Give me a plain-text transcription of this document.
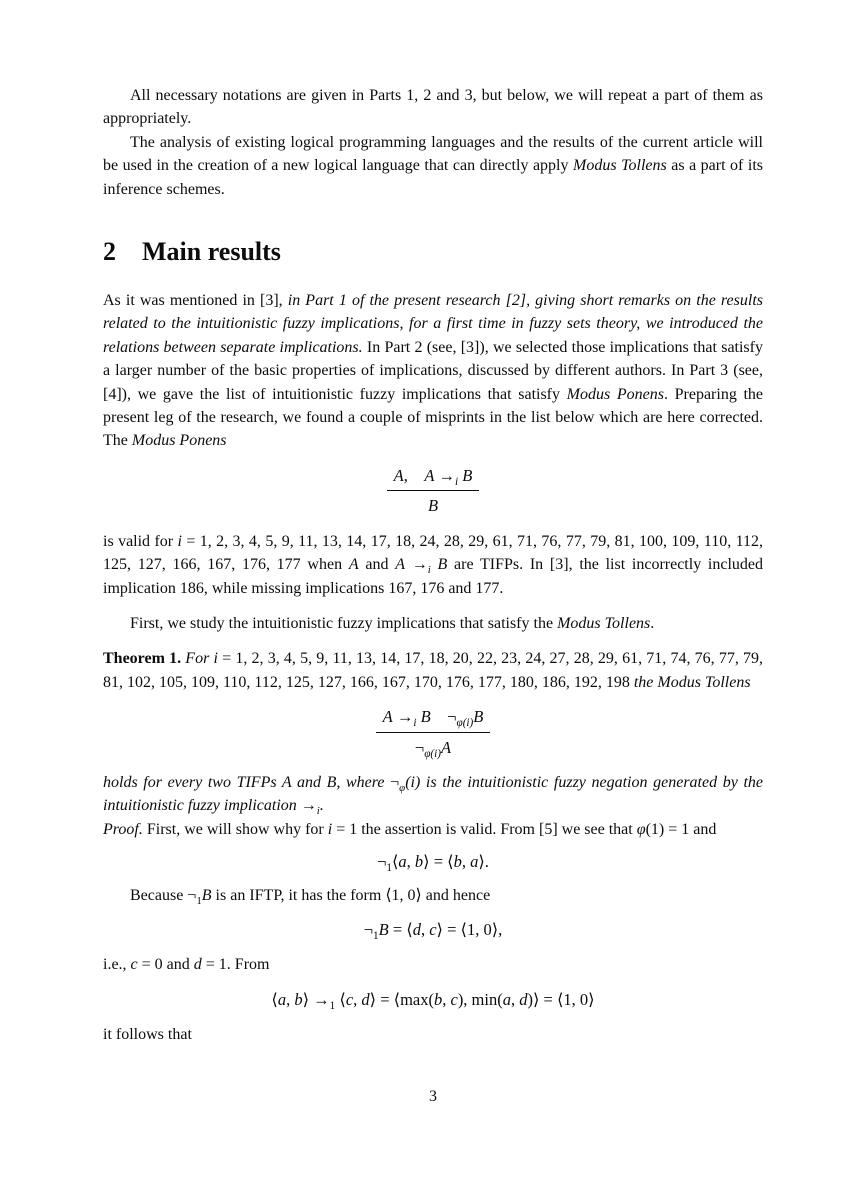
All necessary notations are given in Parts 1, 2 and 3, but below, we will repeat a part of them as appropriately.

The analysis of existing logical programming languages and the results of the current article will be used in the creation of a new logical language that can directly apply Modus Tollens as a part of its inference schemes.

2 Main results

As it was mentioned in [3], in Part 1 of the present research [2], giving short remarks on the results related to the intuitionistic fuzzy implications, for a first time in fuzzy sets theory, we introduced the relations between separate implications. In Part 2 (see, [3]), we selected those implications that satisfy a larger number of the basic properties of implications, discussed by different authors. In Part 3 (see, [4]), we gave the list of intuitionistic fuzzy implications that satisfy Modus Ponens. Preparing the present leg of the research, we found a couple of misprints in the list below which are here corrected. The Modus Ponens

$\frac{A, A \to_i B}{B}$

is valid for i = 1, 2, 3, 4, 5, 9, 11, 13, 14, 17, 18, 24, 28, 29, 61, 71, 76, 77, 79, 81, 100, 109, 110, 112, 125, 127, 166, 167, 176, 177 when A and $A \to_i$ B are TIFPs. In [3], the list incorrectly included implication 186, while missing implications 167, 176 and 177.

First, we study the intuitionistic fuzzy implications that satisfy the Modus Tollens.

Theorem 1. For i = 1, 2, 3, 4, 5, 9, 11, 13, 14, 17, 18, 20, 22, 23, 24, 27, 28, 29, 61, 71, 74, 76, 77, 79, 81, 102, 105, 109, 110, 112, 125, 127, 166, 167, 170, 176, 177, 180, 186, 192, 198 the Modus Tollens

$\frac{A \to_i B \neg_{\varphi(i)}B}{\neg_{\varphi(i)}A}$

holds for every two TIFPs A and B, where $\neg_\varphi(i)$ is the intuitionistic fuzzy negation generated by the intuitionistic fuzzy implication $\to_i$.

Proof. First, we will show why for i = 1 the assertion is valid. From [5] we see that φ(1) = 1 and

$\neg_1⟨a$, b⟩ = ⟨b, a⟩.

Because $\neg_1B$ is an IFTP, it has the form ⟨1, 0⟩ and hence

$\neg_1B$ = ⟨d, c⟩ = ⟨1, 0⟩,

i.e., c = 0 and d = 1. From

⟨a, b⟩ $\to_1$ ⟨c, d⟩ = ⟨max(b, c), min(a, d)⟩ = ⟨1, 0⟩

it follows that

3
